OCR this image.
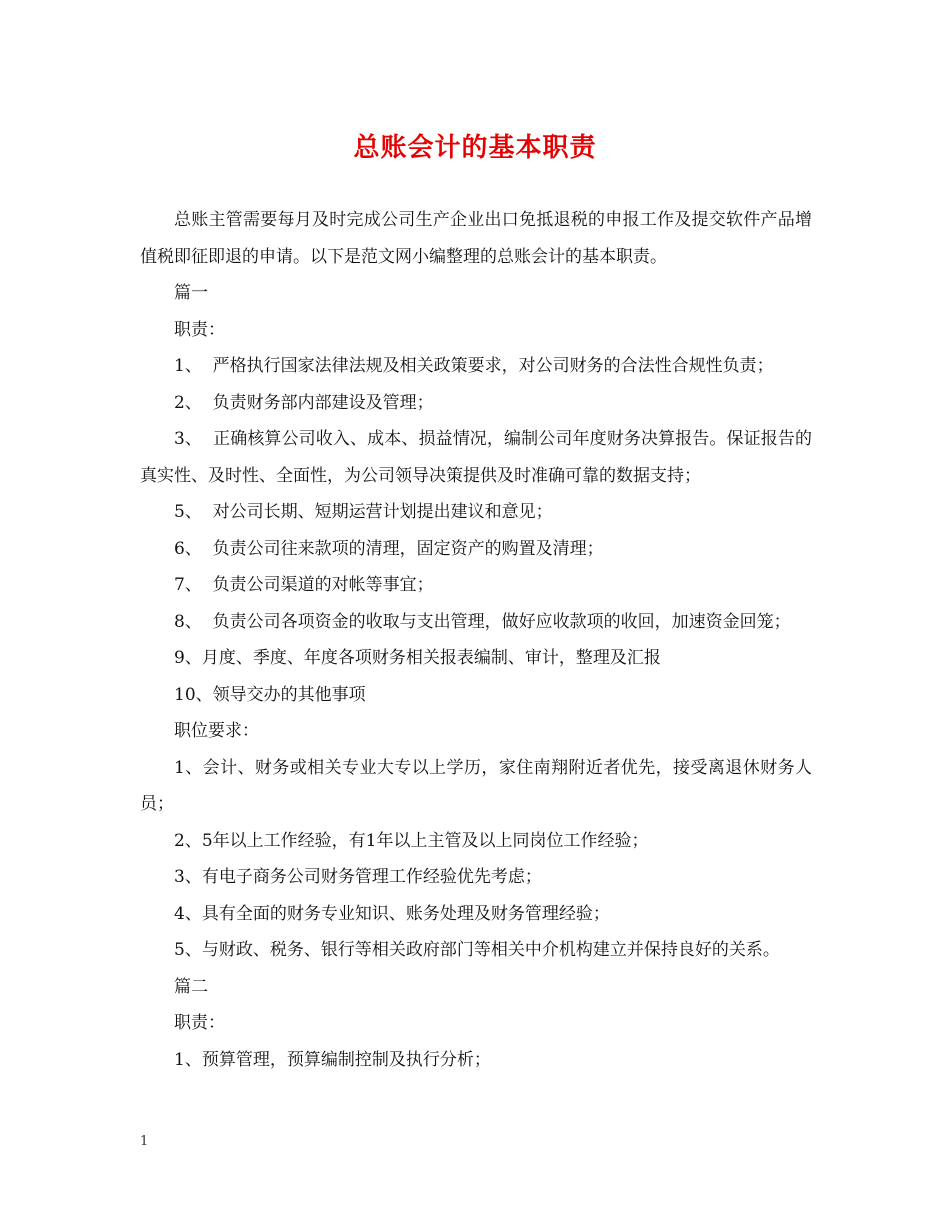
总账会计的基本职责

总账主管需要每月及时完成公司生产企业出口免抵退税的申报工作及提交软件产品增值税即征即退的申请。以下是范文网小编整理的总账会计的基本职责。

篇一

职责：

1、  严格执行国家法律法规及相关政策要求，对公司财务的合法性合规性负责；

2、  负责财务部内部建设及管理；

3、  正确核算公司收入、成本、损益情况，编制公司年度财务决算报告。保证报告的真实性、及时性、全面性，为公司领导决策提供及时准确可靠的数据支持；

5、  对公司长期、短期运营计划提出建议和意见；

6、  负责公司往来款项的清理，固定资产的购置及清理；

7、  负责公司渠道的对帐等事宜；

8、  负责公司各项资金的收取与支出管理，做好应收款项的收回，加速资金回笼；

9、月度、季度、年度各项财务相关报表编制、审计，整理及汇报

10、领导交办的其他事项

职位要求：

1、会计、财务或相关专业大专以上学历，家住南翔附近者优先，接受离退休财务人员；

2、5年以上工作经验，有1年以上主管及以上同岗位工作经验；

3、有电子商务公司财务管理工作经验优先考虑；

4、具有全面的财务专业知识、账务处理及财务管理经验；

5、与财政、税务、银行等相关政府部门等相关中介机构建立并保持良好的关系。

篇二

职责：

1、预算管理，预算编制控制及执行分析；

1
